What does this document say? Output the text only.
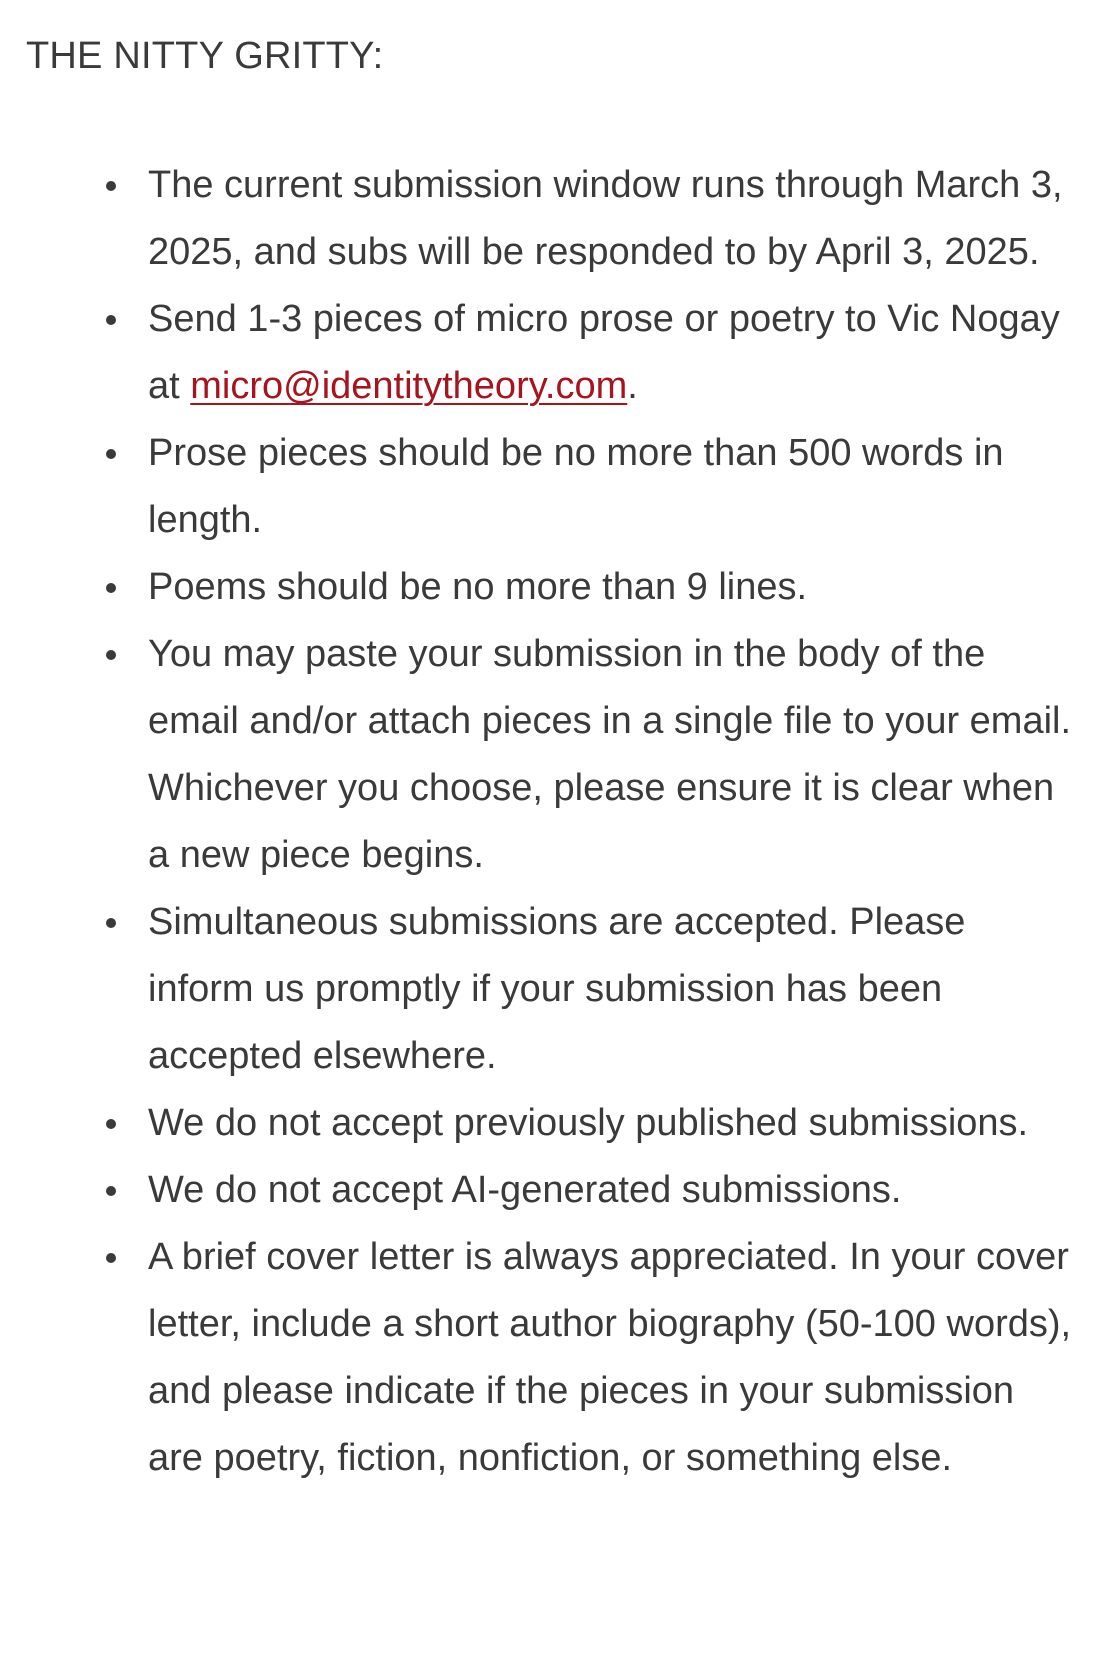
THE NITTY GRITTY:
The current submission window runs through March 3, 2025, and subs will be responded to by April 3, 2025.
Send 1-3 pieces of micro prose or poetry to Vic Nogay at micro@identitytheory.com.
Prose pieces should be no more than 500 words in length.
Poems should be no more than 9 lines.
You may paste your submission in the body of the email and/or attach pieces in a single file to your email. Whichever you choose, please ensure it is clear when a new piece begins.
Simultaneous submissions are accepted. Please inform us promptly if your submission has been accepted elsewhere.
We do not accept previously published submissions.
We do not accept AI-generated submissions.
A brief cover letter is always appreciated. In your cover letter, include a short author biography (50-100 words), and please indicate if the pieces in your submission are poetry, fiction, nonfiction, or something else.
